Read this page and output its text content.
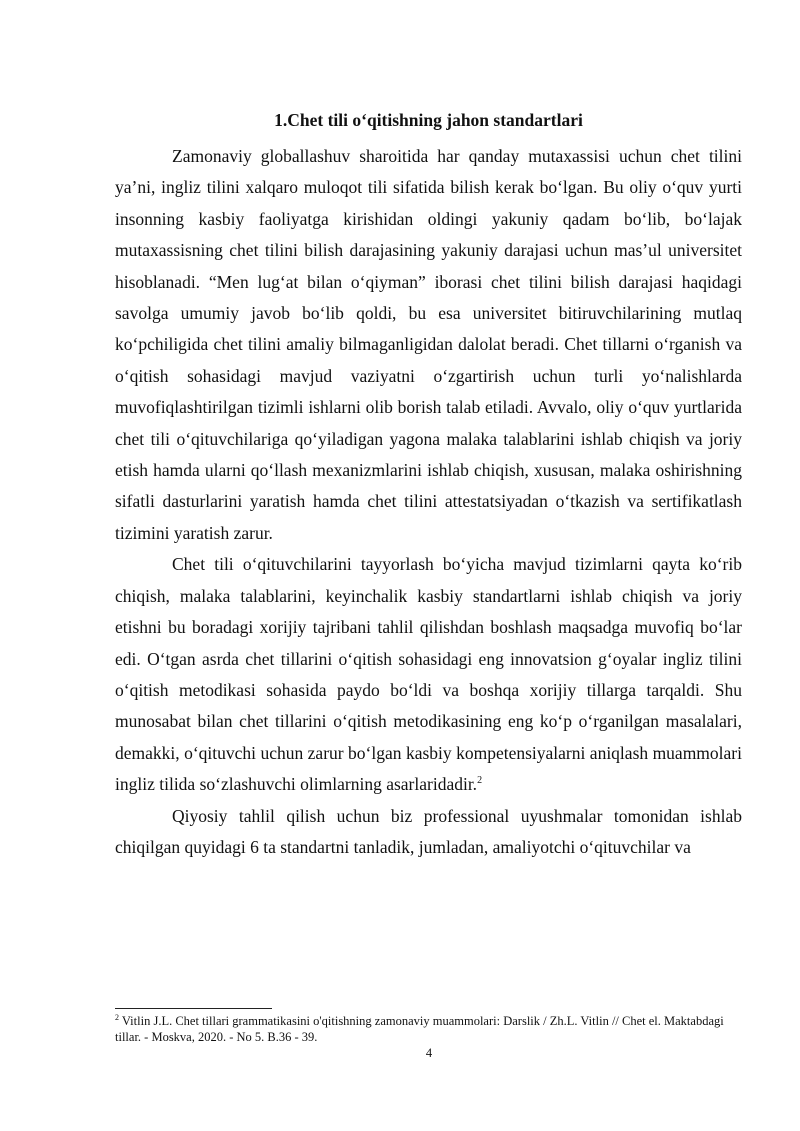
1.Chet tili o‘qitishning jahon standartlari

Zamonaviy globallashuv sharoitida har qanday mutaxassisi uchun chet tilini ya’ni, ingliz tilini xalqaro muloqot tili sifatida bilish kerak bo‘lgan. Bu oliy o‘quv yurti insonning kasbiy faoliyatga kirishidan oldingi yakuniy qadam bo‘lib, bo‘lajak mutaxassisning chet tilini bilish darajasining yakuniy darajasi uchun mas’ul universitet hisoblanadi. “Men lug‘at bilan o‘qiyman” iborasi chet tilini bilish darajasi haqidagi savolga umumiy javob bo‘lib qoldi, bu esa universitet bitiruvchilarining mutlaq ko‘pchiligida chet tilini amaliy bilmaganligidan dalolat beradi. Chet tillarni o‘rganish va o‘qitish sohasidagi mavjud vaziyatni o‘zgartirish uchun turli yo‘nalishlarda muvofiqlashtirilgan tizimli ishlarni olib borish talab etiladi. Avvalo, oliy o‘quv yurtlarida chet tili o‘qituvchilariga qo‘yiladigan yagona malaka talablarini ishlab chiqish va joriy etish hamda ularni qo‘llash mexanizmlarini ishlab chiqish, xususan, malaka oshirishning sifatli dasturlarini yaratish hamda chet tilini attestatsiyadan o‘tkazish va sertifikatlash tizimini yaratish zarur.

Chet tili o‘qituvchilarini tayyorlash bo‘yicha mavjud tizimlarni qayta ko‘rib chiqish, malaka talablarini, keyinchalik kasbiy standartlarni ishlab chiqish va joriy etishni bu boradagi xorijiy tajribani tahlil qilishdan boshlash maqsadga muvofiq bo‘lar edi. O‘tgan asrda chet tillarini o‘qitish sohasidagi eng innovatsion g‘oyalar ingliz tilini o‘qitish metodikasi sohasida paydo bo‘ldi va boshqa xorijiy tillarga tarqaldi. Shu munosabat bilan chet tillarini o‘qitish metodikasining eng ko‘p o‘rganilgan masalalari, demakki, o‘qituvchi uchun zarur bo‘lgan kasbiy kompetensiyalarni aniqlash muammolari ingliz tilida so‘zlashuvchi olimlarning asarlaridadir.$^2$

Qiyosiy tahlil qilish uchun biz professional uyushmalar tomonidan ishlab chiqilgan quyidagi 6 ta standartni tanladik, jumladan, amaliyotchi o‘qituvchilar va

$^2$ Vitlin J.L. Chet tillari grammatikasini o'qitishning zamonaviy muammolari: Darslik / Zh.L. Vitlin // Chet el. Maktabdagi tillar. - Moskva, 2020. - No 5. B.36 - 39.
4
